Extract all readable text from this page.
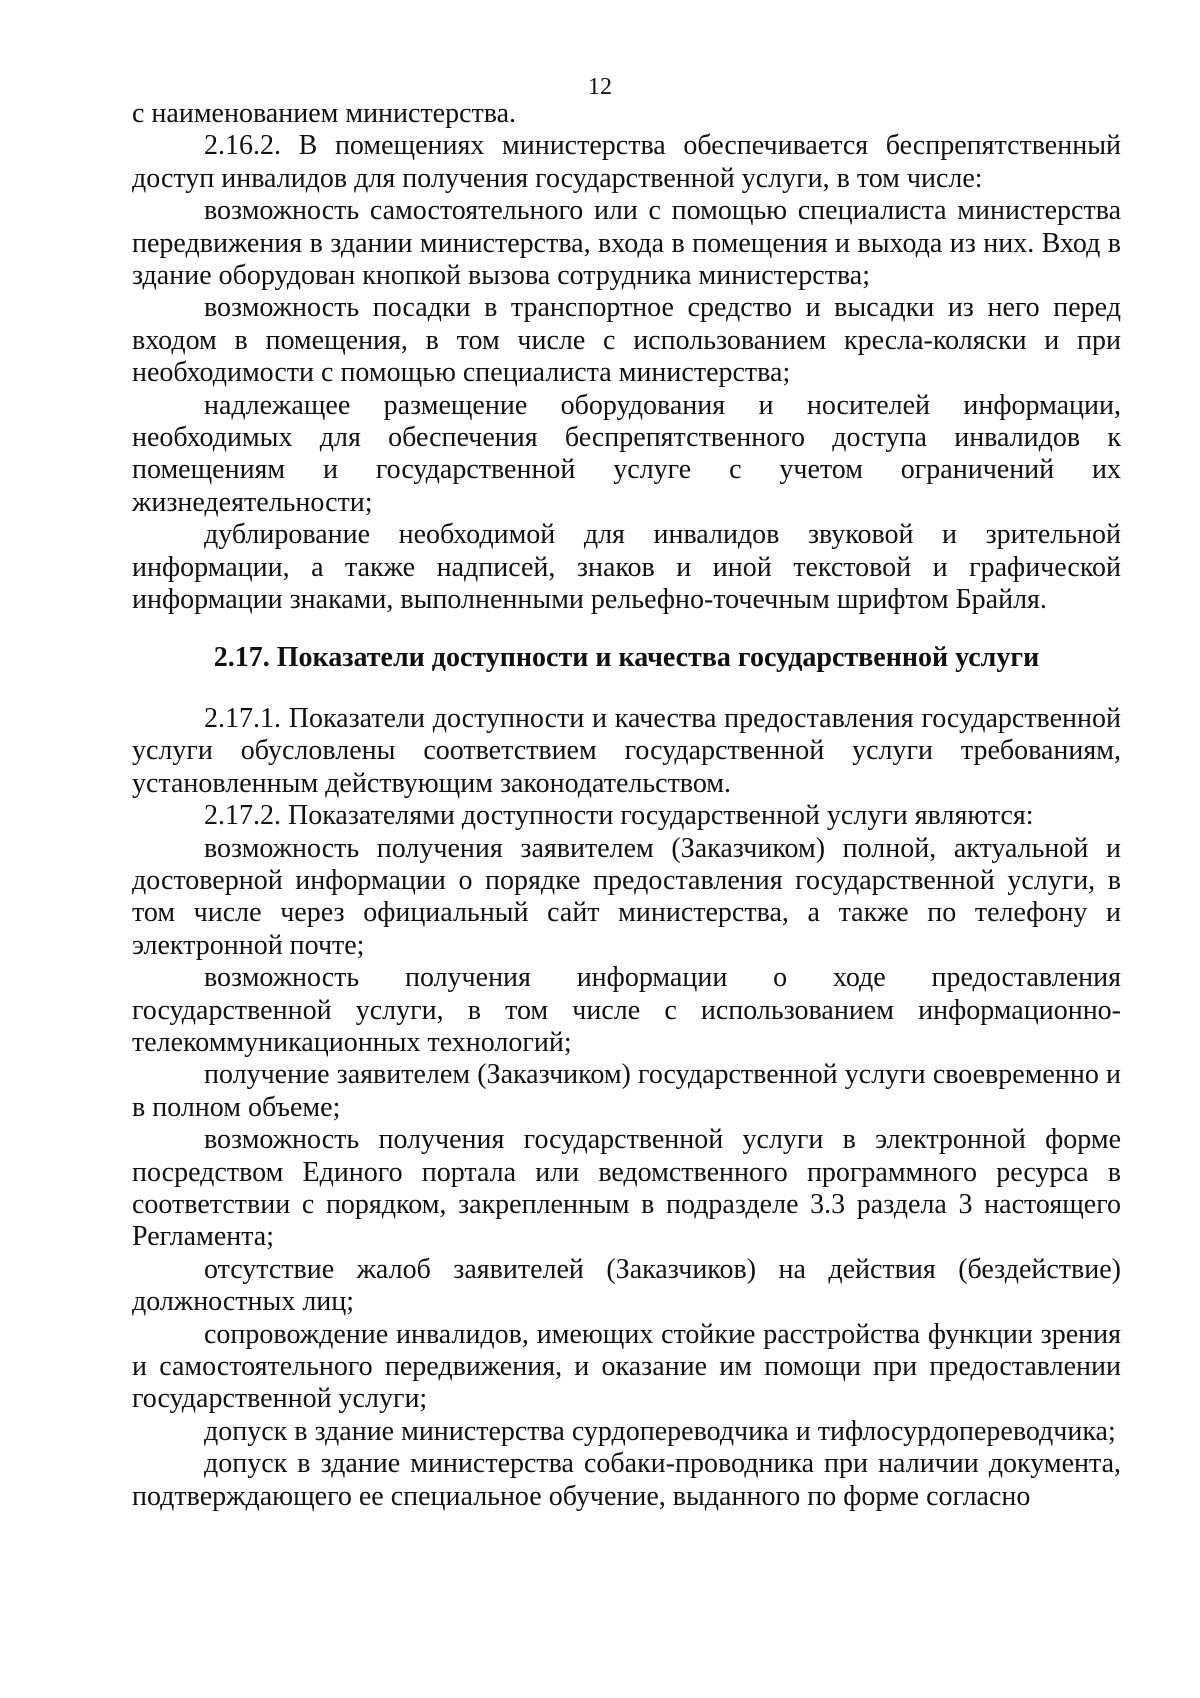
12

с наименованием министерства.

2.16.2. В помещениях министерства обеспечивается беспрепятственный доступ инвалидов для получения государственной услуги, в том числе:

возможность самостоятельного или с помощью специалиста министерства передвижения в здании министерства, входа в помещения и выхода из них. Вход в здание оборудован кнопкой вызова сотрудника министерства;

возможность посадки в транспортное средство и высадки из него перед входом в помещения, в том числе с использованием кресла-коляски и при необходимости с помощью специалиста министерства;

надлежащее размещение оборудования и носителей информации, необходимых для обеспечения беспрепятственного доступа инвалидов к помещениям и государственной услуге с учетом ограничений их жизнедеятельности;

дублирование необходимой для инвалидов звуковой и зрительной информации, а также надписей, знаков и иной текстовой и графической информации знаками, выполненными рельефно-точечным шрифтом Брайля.

2.17. Показатели доступности и качества государственной услуги

2.17.1. Показатели доступности и качества предоставления государственной услуги обусловлены соответствием государственной услуги требованиям, установленным действующим законодательством.

2.17.2. Показателями доступности государственной услуги являются:

возможность получения заявителем (Заказчиком) полной, актуальной и достоверной информации о порядке предоставления государственной услуги, в том числе через официальный сайт министерства, а также по телефону и электронной почте;

возможность получения информации о ходе предоставления государственной услуги, в том числе с использованием информационно-телекоммуникационных технологий;

получение заявителем (Заказчиком) государственной услуги своевременно и в полном объеме;

возможность получения государственной услуги в электронной форме посредством Единого портала или ведомственного программного ресурса в соответствии с порядком, закрепленным в подразделе 3.3 раздела 3 настоящего Регламента;

отсутствие жалоб заявителей (Заказчиков) на действия (бездействие) должностных лиц;

сопровождение инвалидов, имеющих стойкие расстройства функции зрения и самостоятельного передвижения, и оказание им помощи при предоставлении государственной услуги;

допуск в здание министерства сурдопереводчика и тифлосурдопереводчика;

допуск в здание министерства собаки-проводника при наличии документа, подтверждающего ее специальное обучение, выданного по форме согласно
